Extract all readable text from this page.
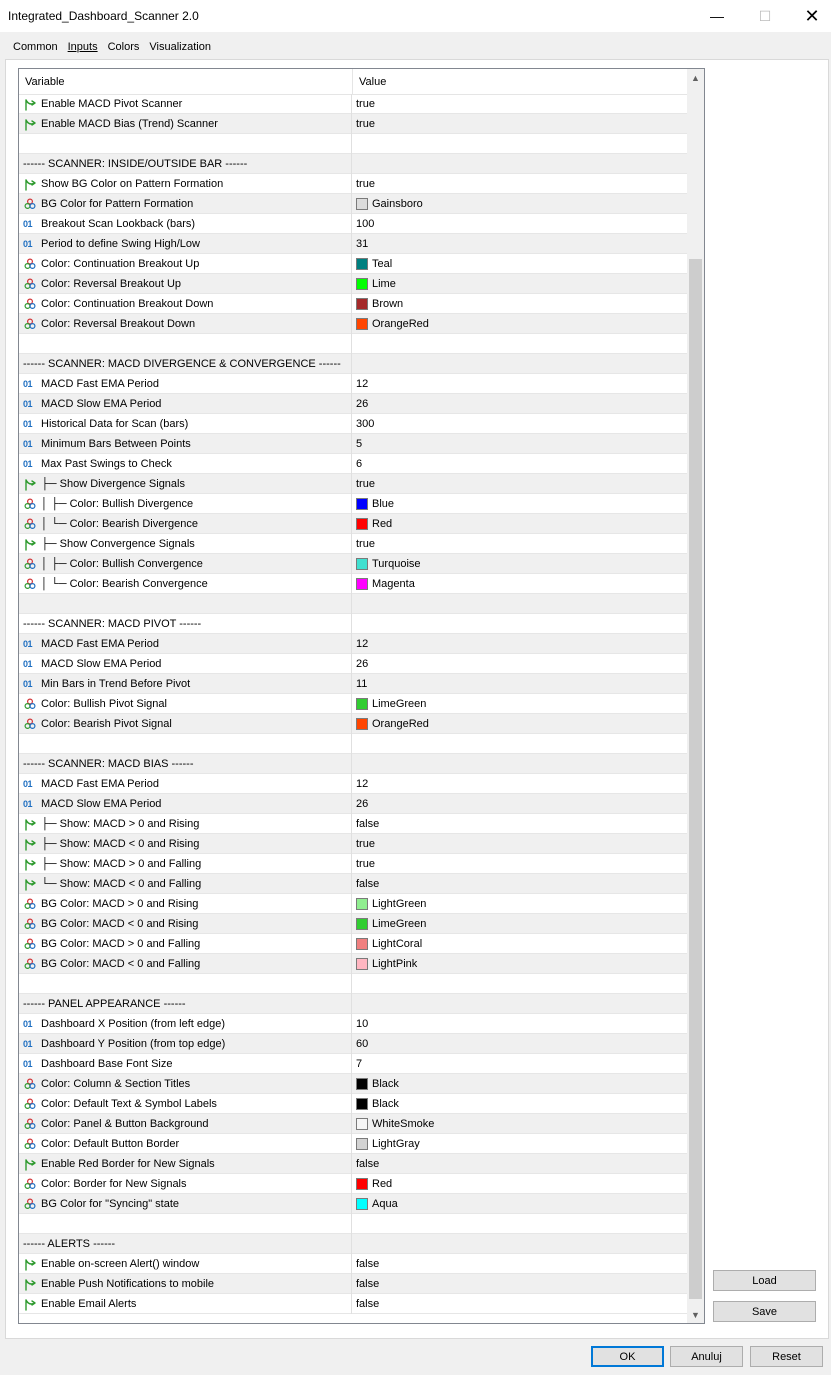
Integrated_Dashboard_Scanner 2.0	— ☐ ✕
Common Inputs Colors Visualization
Variable	Value
Enable MACD Pivot Scanner	true
Enable MACD Bias (Trend) Scanner	true
------ SCANNER: INSIDE/OUTSIDE BAR ------
Show BG Color on Pattern Formation	true
BG Color for Pattern Formation	Gainsboro
01 Breakout Scan Lookback (bars)	100
01 Period to define Swing High/Low	31
Color: Continuation Breakout Up	Teal
Color: Reversal Breakout Up	Lime
Color: Continuation Breakout Down	Brown
Color: Reversal Breakout Down	OrangeRed
------ SCANNER: MACD DIVERGENCE & CONVERGENCE ------
01 MACD Fast EMA Period	12
01 MACD Slow EMA Period	26
01 Historical Data for Scan (bars)	300
01 Minimum Bars Between Points	5
01 Max Past Swings to Check	6
├─ Show Divergence Signals	true
│ ├─ Color: Bullish Divergence	Blue
│ └─ Color: Bearish Divergence	Red
├─ Show Convergence Signals	true
│ ├─ Color: Bullish Convergence	Turquoise
│ └─ Color: Bearish Convergence	Magenta
------ SCANNER: MACD PIVOT ------
01 MACD Fast EMA Period	12
01 MACD Slow EMA Period	26
01 Min Bars in Trend Before Pivot	11
Color: Bullish Pivot Signal	LimeGreen
Color: Bearish Pivot Signal	OrangeRed
------ SCANNER: MACD BIAS ------
01 MACD Fast EMA Period	12
01 MACD Slow EMA Period	26
├─ Show: MACD > 0 and Rising	false
├─ Show: MACD < 0 and Rising	true
├─ Show: MACD > 0 and Falling	true
└─ Show: MACD < 0 and Falling	false
BG Color: MACD > 0 and Rising	LightGreen
BG Color: MACD < 0 and Rising	LimeGreen
BG Color: MACD > 0 and Falling	LightCoral
BG Color: MACD < 0 and Falling	LightPink
------ PANEL APPEARANCE ------
01 Dashboard X Position (from left edge)	10
01 Dashboard Y Position (from top edge)	60
01 Dashboard Base Font Size	7
Color: Column & Section Titles	Black
Color: Default Text & Symbol Labels	Black
Color: Panel & Button Background	WhiteSmoke
Color: Default Button Border	LightGray
Enable Red Border for New Signals	false
Color: Border for New Signals	Red
BG Color for "Syncing" state	Aqua
------ ALERTS ------
Enable on-screen Alert() window	false
Enable Push Notifications to mobile	false
Enable Email Alerts	false
▲
▼
Load
Save
OK	Anuluj	Reset
